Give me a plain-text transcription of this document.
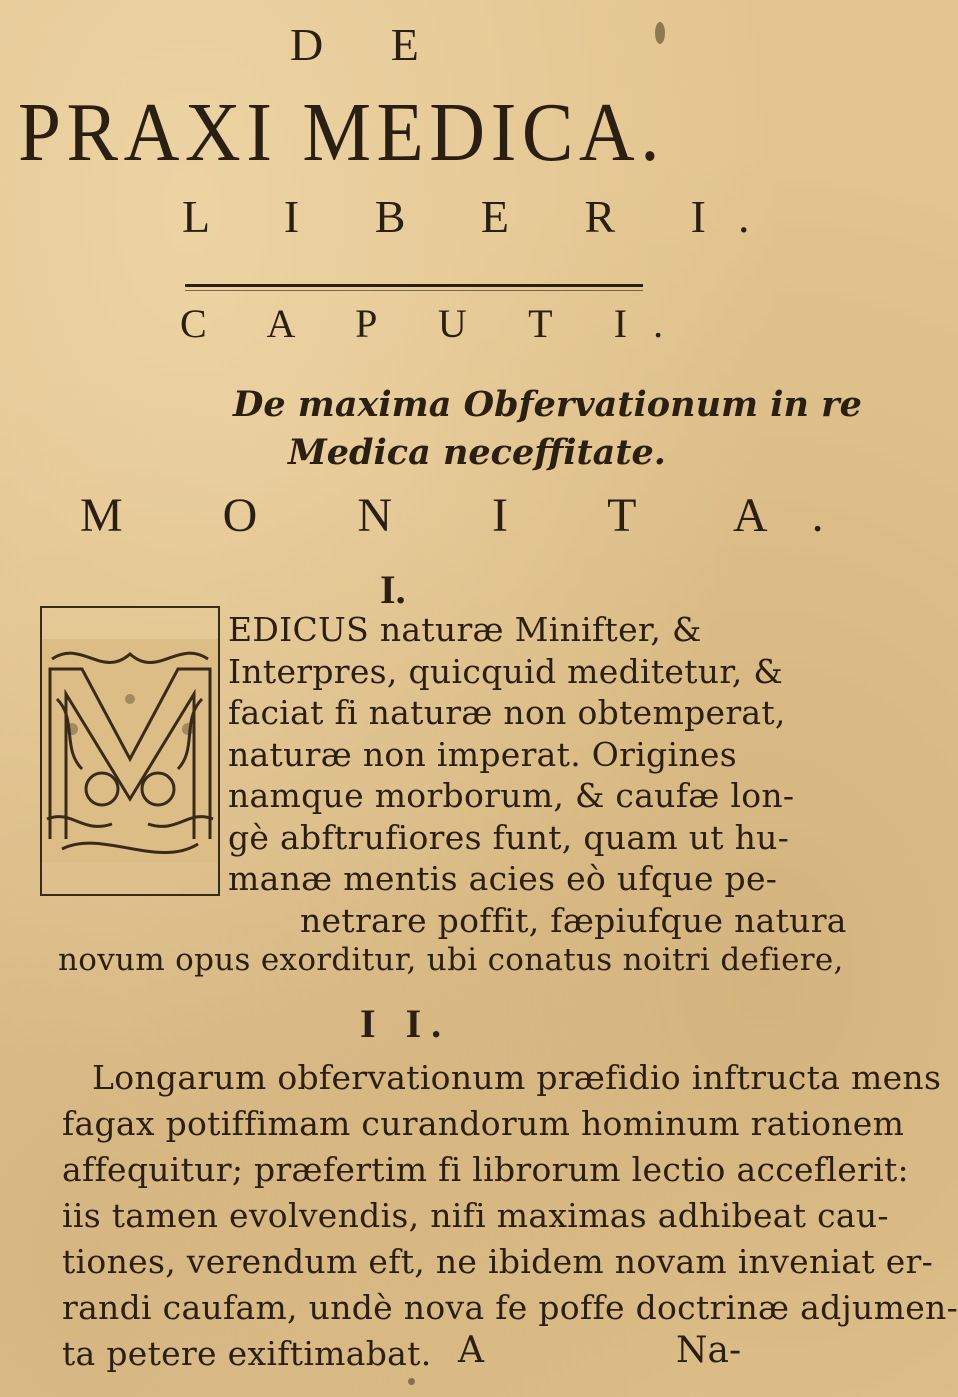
D E
PRAXI MEDICA.
L I B E R I.
C A P U T I.
De maxima Obfervationum in re
Medica neceffitate.
M O N I T A.
I.
I I.
Longarum obfervationum præfidio inftructa mens
fagax potiffimam curandorum hominum rationem
affequitur; præfertim fi librorum lectio acceflerit:
iis tamen evolvendis, nifi maximas adhibeat cau-
tiones, verendum eft, ne ibidem novam inveniat er-
randi caufam, undè nova fe poffe doctrinæ adjumen-
ta petere exiftimabat. A	Na-
EDICUS naturæ Minifter, &
Interpres, quicquid meditetur, &
faciat fi naturæ non obtemperat,
naturæ non imperat. Origines
namque morborum, & caufæ lon-
gè abftrufiores funt, quam ut hu-
manæ mentis acies eò ufque pe-
netrare poffit, fæpiufque natura
novum opus exorditur, ubi conatus noitri defiere,
